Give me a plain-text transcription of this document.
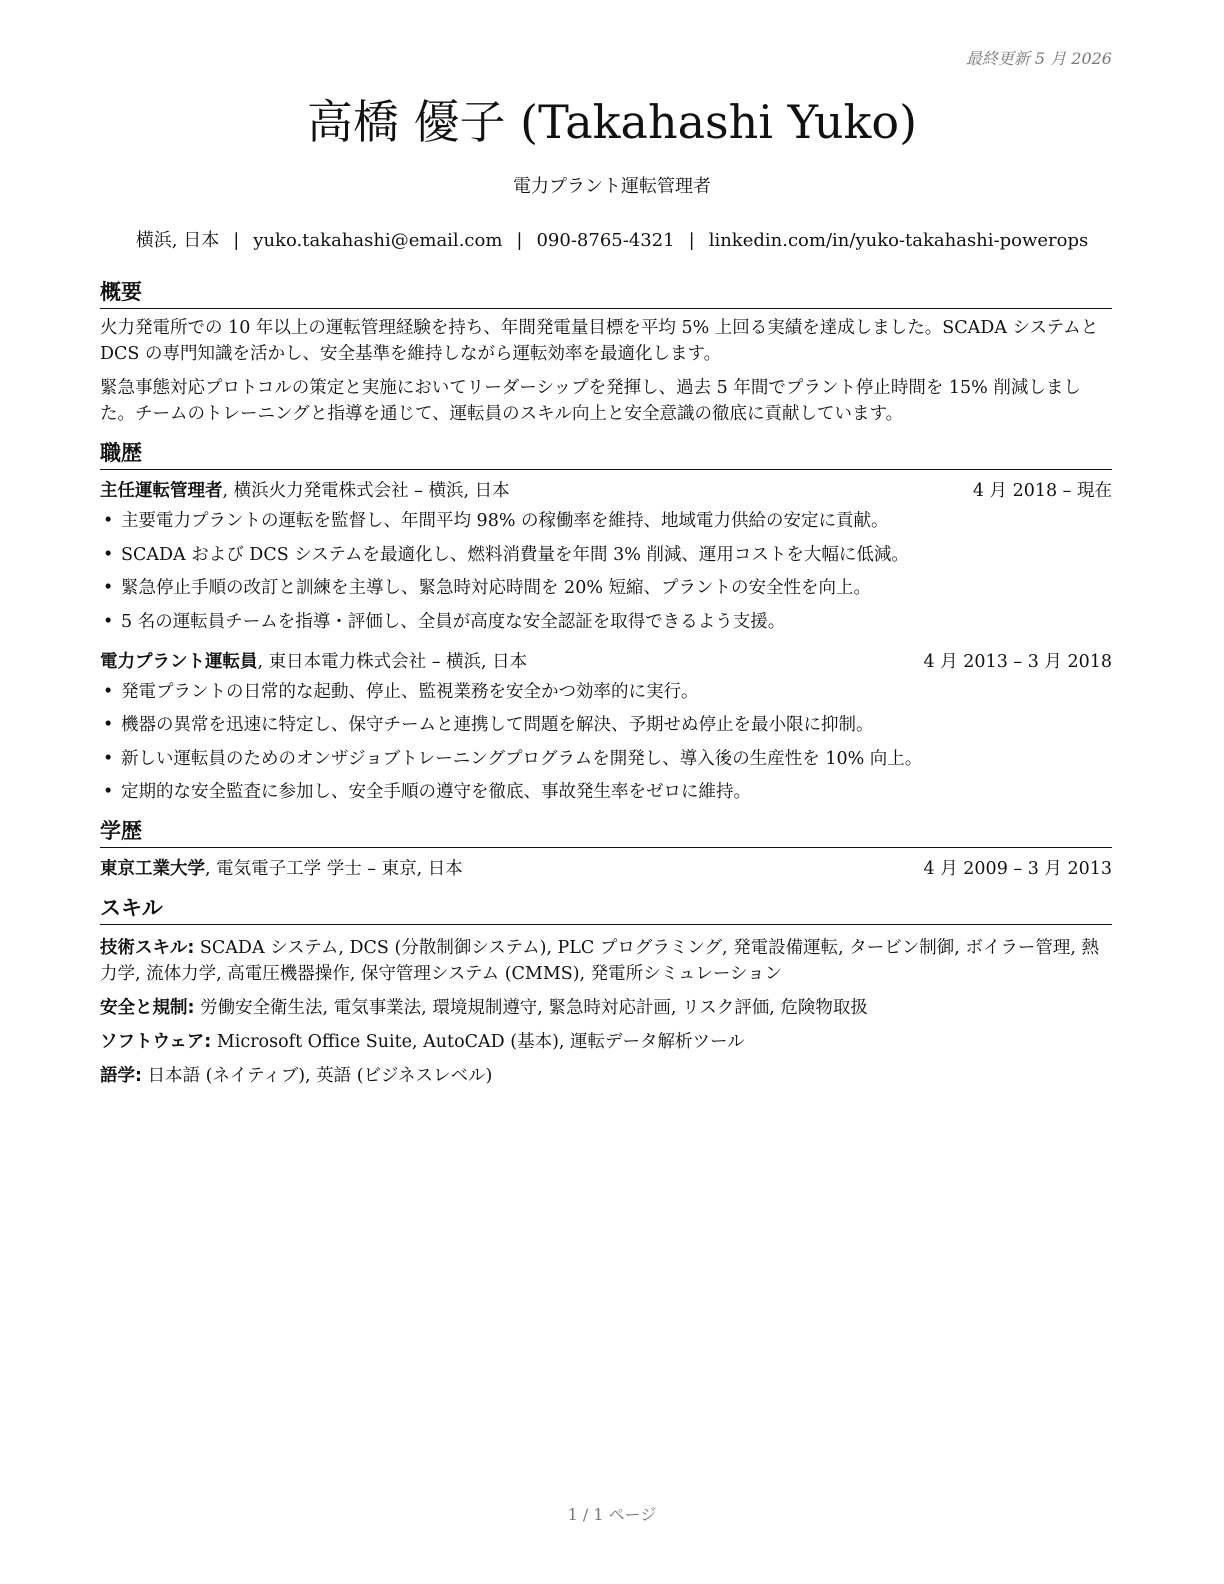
最終更新 5 月 2026
高橋 優子 (Takahashi Yuko)
電力プラント運転管理者
横浜, 日本 | yuko.takahashi@email.com | 090-8765-4321 | linkedin.com/in/yuko-takahashi-powerops
概要

火力発電所での 10 年以上の運転管理経験を持ち、年間発電量目標を平均 5% 上回る実績を達成しました。SCADA システムと DCS の専門知識を活かし、安全基準を維持しながら運転効率を最適化します。

緊急事態対応プロトコルの策定と実施においてリーダーシップを発揮し、過去 5 年間でプラント停止時間を 15% 削減しました。チームのトレーニングと指導を通じて、運転員のスキル向上と安全意識の徹底に貢献しています。

職歴
主任運転管理者, 横浜火力発電株式会社 – 横浜, 日本	4 月 2018 – 現在
• 主要電力プラントの運転を監督し、年間平均 98% の稼働率を維持、地域電力供給の安定に貢献。
• SCADA および DCS システムを最適化し、燃料消費量を年間 3% 削減、運用コストを大幅に低減。
• 緊急停止手順の改訂と訓練を主導し、緊急時対応時間を 20% 短縮、プラントの安全性を向上。
• 5 名の運転員チームを指導・評価し、全員が高度な安全認証を取得できるよう支援。
電力プラント運転員, 東日本電力株式会社 – 横浜, 日本	4 月 2013 – 3 月 2018
• 発電プラントの日常的な起動、停止、監視業務を安全かつ効率的に実行。
• 機器の異常を迅速に特定し、保守チームと連携して問題を解決、予期せぬ停止を最小限に抑制。
• 新しい運転員のためのオンザジョブトレーニングプログラムを開発し、導入後の生産性を 10% 向上。
• 定期的な安全監査に参加し、安全手順の遵守を徹底、事故発生率をゼロに維持。
学歴
東京工業大学, 電気電子工学 学士 – 東京, 日本	4 月 2009 – 3 月 2013
スキル
技術スキル: SCADA システム, DCS (分散制御システム), PLC プログラミング, 発電設備運転, タービン制御, ボイラー管理, 熱力学, 流体力学, 高電圧機器操作, 保守管理システム (CMMS), 発電所シミュレーション
安全と規制: 労働安全衛生法, 電気事業法, 環境規制遵守, 緊急時対応計画, リスク評価, 危険物取扱
ソフトウェア: Microsoft Office Suite, AutoCAD (基本), 運転データ解析ツール
語学: 日本語 (ネイティブ), 英語 (ビジネスレベル)
1 / 1 ページ
